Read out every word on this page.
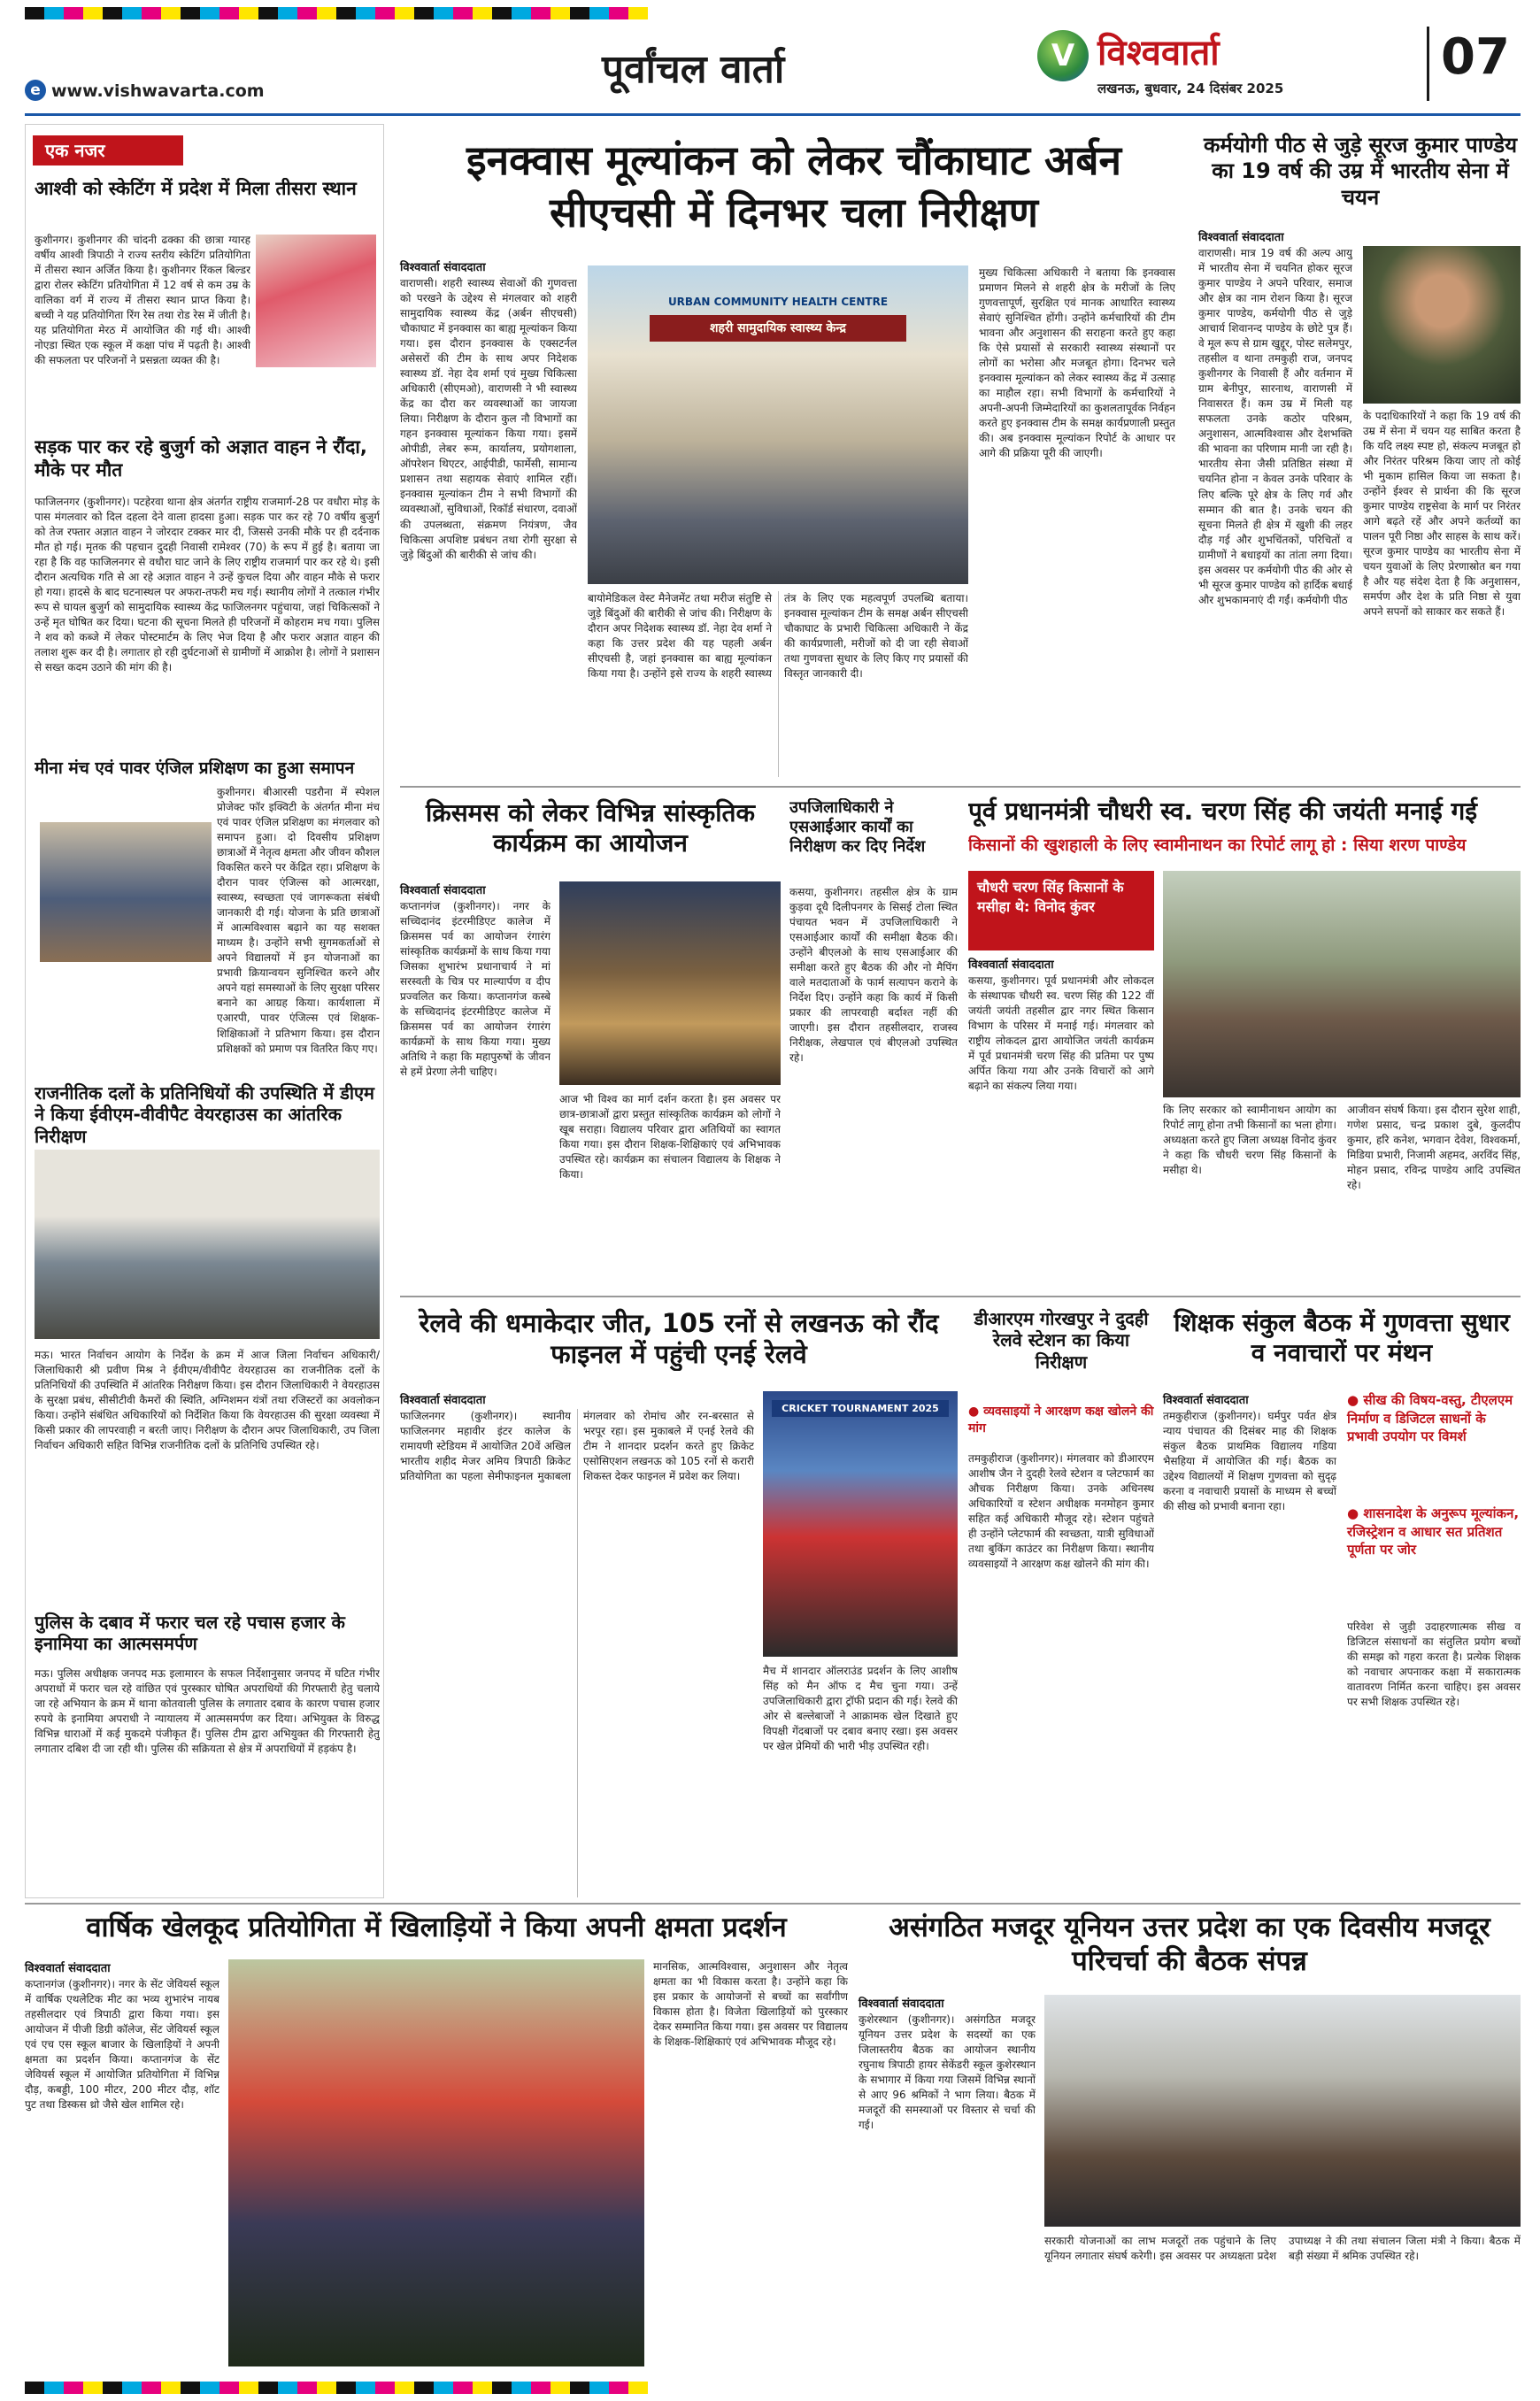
e www.vishwavarta.com	पूर्वांचल वार्ता	V विश्ववार्ता
लखनऊ, बुधवार, 24 दिसंबर 2025
07
एक नजर
आश्वी को स्केटिंग में प्रदेश में मिला तीसरा स्थान
कुशीनगर। कुशीनगर की चांदनी ढक्का की छात्रा ग्यारह वर्षीय आश्वी त्रिपाठी ने राज्य स्तरीय स्केटिंग प्रतियोगिता में तीसरा स्थान अर्जित किया है। कुशीनगर रिंकल बिल्डर द्वारा रोलर स्केटिंग प्रतियोगिता में 12 वर्ष से कम उम्र के वालिका वर्ग में राज्य में तीसरा स्थान प्राप्त किया है। बच्ची ने यह प्रतियोगिता रिंग रेस तथा रोड रेस में जीती है। यह प्रतियोगिता मेरठ में आयोजित की गई थी। आश्वी नोएडा स्थित एक स्कूल में कक्षा पांच में पढ़ती है। आश्वी की सफलता पर परिजनों ने प्रसन्नता व्यक्त की है।
सड़क पार कर रहे बुजुर्ग को अज्ञात वाहन ने रौंदा, मौके पर मौत
फाजिलनगर (कुशीनगर)। पटहेरवा थाना क्षेत्र अंतर्गत राष्ट्रीय राजमार्ग-28 पर वधौरा मोड़ के पास मंगलवार को दिल दहला देने वाला हादसा हुआ। सड़क पार कर रहे 70 वर्षीय बुजुर्ग को तेज रफ्तार अज्ञात वाहन ने जोरदार टक्कर मार दी, जिससे उनकी मौके पर ही दर्दनाक मौत हो गई। मृतक की पहचान दुदही निवासी रामेश्वर (70) के रूप में हुई है। बताया जा रहा है कि वह फाजिलनगर से वधौरा घाट जाने के लिए राष्ट्रीय राजमार्ग पार कर रहे थे। इसी दौरान अत्यधिक गति से आ रहे अज्ञात वाहन ने उन्हें कुचल दिया और वाहन मौके से फरार हो गया। हादसे के बाद घटनास्थल पर अफरा-तफरी मच गई। स्थानीय लोगों ने तत्काल गंभीर रूप से घायल बुजुर्ग को सामुदायिक स्वास्थ्य केंद्र फाजिलनगर पहुंचाया, जहां चिकित्सकों ने उन्हें मृत घोषित कर दिया। घटना की सूचना मिलते ही परिजनों में कोहराम मच गया। पुलिस ने शव को कब्जे में लेकर पोस्टमार्टम के लिए भेज दिया है और फरार अज्ञात वाहन की तलाश शुरू कर दी है। लगातार हो रही दुर्घटनाओं से ग्रामीणों में आक्रोश है। लोगों ने प्रशासन से सख्त कदम उठाने की मांग की है।
मीना मंच एवं पावर एंजिल प्रशिक्षण का हुआ समापन
कुशीनगर। बीआरसी पडरौना में स्पेशल प्रोजेक्ट फॉर इक्विटी के अंतर्गत मीना मंच एवं पावर एंजिल प्रशिक्षण का मंगलवार को समापन हुआ। दो दिवसीय प्रशिक्षण छात्राओं में नेतृत्व क्षमता और जीवन कौशल विकसित करने पर केंद्रित रहा। प्रशिक्षण के दौरान पावर एंजिल्स को आत्मरक्षा, स्वास्थ्य, स्वच्छता एवं जागरूकता संबंधी जानकारी दी गई। योजना के प्रति छात्राओं में आत्मविश्वास बढ़ाने का यह सशक्त माध्यम है। उन्होंने सभी सुगमकर्ताओं से अपने विद्यालयों में इन योजनाओं का प्रभावी क्रियान्वयन सुनिश्चित करने और अपने यहां समस्याओं के लिए सुरक्षा परिसर बनाने का आग्रह किया। कार्यशाला में एआरपी, पावर एंजिल्स एवं शिक्षक-शिक्षिकाओं ने प्रतिभाग किया। इस दौरान प्रशिक्षकों को प्रमाण पत्र वितरित किए गए।
राजनीतिक दलों के प्रतिनिधियों की उपस्थिति में डीएम ने किया ईवीएम-वीवीपैट वेयरहाउस का आंतरिक निरीक्षण
मऊ। भारत निर्वाचन आयोग के निर्देश के क्रम में आज जिला निर्वाचन अधिकारी/जिलाधिकारी श्री प्रवीण मिश्र ने ईवीएम/वीवीपैट वेयरहाउस का राजनीतिक दलों के प्रतिनिधियों की उपस्थिति में आंतरिक निरीक्षण किया। इस दौरान जिलाधिकारी ने वेयरहाउस के सुरक्षा प्रबंध, सीसीटीवी कैमरों की स्थिति, अग्निशमन यंत्रों तथा रजिस्टरों का अवलोकन किया। उन्होंने संबंधित अधिकारियों को निर्देशित किया कि वेयरहाउस की सुरक्षा व्यवस्था में किसी प्रकार की लापरवाही न बरती जाए। निरीक्षण के दौरान अपर जिलाधिकारी, उप जिला निर्वाचन अधिकारी सहित विभिन्न राजनीतिक दलों के प्रतिनिधि उपस्थित रहे।
पुलिस के दबाव में फरार चल रहे पचास हजार के इनामिया का आत्मसमर्पण
मऊ। पुलिस अधीक्षक जनपद मऊ इलामारन के सफल निर्देशानुसार जनपद में घटित गंभीर अपराधों में फरार चल रहे वांछित एवं पुरस्कार घोषित अपराधियों की गिरफ्तारी हेतु चलाये जा रहे अभियान के क्रम में थाना कोतवाली पुलिस के लगातार दबाव के कारण पचास हजार रुपये के इनामिया अपराधी ने न्यायालय में आत्मसमर्पण कर दिया। अभियुक्त के विरुद्ध विभिन्न धाराओं में कई मुकदमे पंजीकृत हैं। पुलिस टीम द्वारा अभियुक्त की गिरफ्तारी हेतु लगातार दबिश दी जा रही थी। पुलिस की सक्रियता से क्षेत्र में अपराधियों में हड़कंप है।
इनक्वास मूल्यांकन को लेकर चौंकाघाट अर्बन सीएचसी में दिनभर चला निरीक्षण
विश्ववार्ता संवाददाता
वाराणसी। शहरी स्वास्थ्य सेवाओं की गुणवत्ता को परखने के उद्देश्य से मंगलवार को शहरी सामुदायिक स्वास्थ्य केंद्र (अर्बन सीएचसी) चौकाघाट में इनक्वास का बाह्य मूल्यांकन किया गया। इस दौरान इनक्वास के एक्सटर्नल असेसरों की टीम के साथ अपर निदेशक स्वास्थ्य डॉ. नेहा देव शर्मा एवं मुख्य चिकित्सा अधिकारी (सीएमओ), वाराणसी ने भी स्वास्थ्य केंद्र का दौरा कर व्यवस्थाओं का जायजा लिया। निरीक्षण के दौरान कुल नौ विभागों का गहन इनक्वास मूल्यांकन किया गया। इसमें ओपीडी, लेबर रूम, कार्यालय, प्रयोगशाला, ऑपरेशन थिएटर, आईपीडी, फार्मेसी, सामान्य प्रशासन तथा सहायक सेवाएं शामिल रहीं। इनक्वास मूल्यांकन टीम ने सभी विभागों की व्यवस्थाओं, सुविधाओं, रिकॉर्ड संधारण, दवाओं की उपलब्धता, संक्रमण नियंत्रण, जैव चिकित्सा अपशिष्ट प्रबंधन तथा रोगी सुरक्षा से जुड़े बिंदुओं की बारीकी से जांच की।
URBAN COMMUNITY HEALTH CENTRE
शहरी सामुदायिक स्वास्थ्य केन्द्र
बायोमेडिकल वेस्ट मैनेजमेंट तथा मरीज संतुष्टि से जुड़े बिंदुओं की बारीकी से जांच की। निरीक्षण के दौरान अपर निदेशक स्वास्थ्य डॉ. नेहा देव शर्मा ने कहा कि उत्तर प्रदेश की यह पहली अर्बन सीएचसी है, जहां इनक्वास का बाह्य मूल्यांकन किया गया है। उन्होंने इसे राज्य के शहरी स्वास्थ्य तंत्र के लिए एक महत्वपूर्ण उपलब्धि बताया। इनक्वास मूल्यांकन टीम के समक्ष अर्बन सीएचसी चौकाघाट के प्रभारी चिकित्सा अधिकारी ने केंद्र की कार्यप्रणाली, मरीजों को दी जा रही सेवाओं तथा गुणवत्ता सुधार के लिए किए गए प्रयासों की विस्तृत जानकारी दी।
मुख्य चिकित्सा अधिकारी ने बताया कि इनक्वास प्रमाणन मिलने से शहरी क्षेत्र के मरीजों के लिए गुणवत्तापूर्ण, सुरक्षित एवं मानक आधारित स्वास्थ्य सेवाएं सुनिश्चित होंगी। उन्होंने कर्मचारियों की टीम भावना और अनुशासन की सराहना करते हुए कहा कि ऐसे प्रयासों से सरकारी स्वास्थ्य संस्थानों पर लोगों का भरोसा और मजबूत होगा। दिनभर चले इनक्वास मूल्यांकन को लेकर स्वास्थ्य केंद्र में उत्साह का माहौल रहा। सभी विभागों के कर्मचारियों ने अपनी-अपनी जिम्मेदारियों का कुशलतापूर्वक निर्वहन करते हुए इनक्वास टीम के समक्ष कार्यप्रणाली प्रस्तुत की। अब इनक्वास मूल्यांकन रिपोर्ट के आधार पर आगे की प्रक्रिया पूरी की जाएगी।
कर्मयोगी पीठ से जुड़े सूरज कुमार पाण्डेय का 19 वर्ष की उम्र में भारतीय सेना में चयन
विश्ववार्ता संवाददाता
वाराणसी। मात्र 19 वर्ष की अल्प आयु में भारतीय सेना में चयनित होकर सूरज कुमार पाण्डेय ने अपने परिवार, समाज और क्षेत्र का नाम रोशन किया है। सूरज कुमार पाण्डेय, कर्मयोगी पीठ से जुड़े आचार्य शिवानन्द पाण्डेय के छोटे पुत्र हैं। वे मूल रूप से ग्राम खुद्दूर, पोस्ट सलेमपुर, तहसील व थाना तमकुही राज, जनपद कुशीनगर के निवासी हैं और वर्तमान में ग्राम बेनीपुर, सारनाथ, वाराणसी में निवासरत हैं। कम उम्र में मिली यह सफलता उनके कठोर परिश्रम, अनुशासन, आत्मविश्वास और देशभक्ति की भावना का परिणाम मानी जा रही है। भारतीय सेना जैसी प्रतिष्ठित संस्था में चयनित होना न केवल उनके परिवार के लिए बल्कि पूरे क्षेत्र के लिए गर्व और सम्मान की बात है। उनके चयन की सूचना मिलते ही क्षेत्र में खुशी की लहर दौड़ गई और शुभचिंतकों, परिचितों व ग्रामीणों ने बधाइयों का तांता लगा दिया। इस अवसर पर कर्मयोगी पीठ की ओर से भी सूरज कुमार पाण्डेय को हार्दिक बधाई और शुभकामनाएं दी गईं। कर्मयोगी पीठ
के पदाधिकारियों ने कहा कि 19 वर्ष की उम्र में सेना में चयन यह साबित करता है कि यदि लक्ष्य स्पष्ट हो, संकल्प मजबूत हो और निरंतर परिश्रम किया जाए तो कोई भी मुकाम हासिल किया जा सकता है। उन्होंने ईश्वर से प्रार्थना की कि सूरज कुमार पाण्डेय राष्ट्रसेवा के मार्ग पर निरंतर आगे बढ़ते रहें और अपने कर्तव्यों का पालन पूरी निष्ठा और साहस के साथ करें। सूरज कुमार पाण्डेय का भारतीय सेना में चयन युवाओं के लिए प्रेरणास्रोत बन गया है और यह संदेश देता है कि अनुशासन, समर्पण और देश के प्रति निष्ठा से युवा अपने सपनों को साकार कर सकते हैं।
क्रिसमस को लेकर विभिन्न सांस्कृतिक कार्यक्रम का आयोजन
विश्ववार्ता संवाददाता
कप्तानगंज (कुशीनगर)। नगर के सच्चिदानंद इंटरमीडिएट कालेज में क्रिसमस पर्व का आयोजन रंगारंग सांस्कृतिक कार्यक्रमों के साथ किया गया जिसका शुभारंभ प्रधानाचार्य ने मां सरस्वती के चित्र पर माल्यार्पण व दीप प्रज्वलित कर किया। कप्तानगंज कस्बे के सच्चिदानंद इंटरमीडिएट कालेज में क्रिसमस पर्व का आयोजन रंगारंग कार्यक्रमों के साथ किया गया। मुख्य अतिथि ने कहा कि महापुरुषों के जीवन से हमें प्रेरणा लेनी चाहिए।
आज भी विश्व का मार्ग दर्शन करता है। इस अवसर पर छात्र-छात्राओं द्वारा प्रस्तुत सांस्कृतिक कार्यक्रम को लोगों ने खूब सराहा। विद्यालय परिवार द्वारा अतिथियों का स्वागत किया गया। इस दौरान शिक्षक-शिक्षिकाएं एवं अभिभावक उपस्थित रहे। कार्यक्रम का संचालन विद्यालय के शिक्षक ने किया।
उपजिलाधिकारी ने एसआईआर कार्यों का निरीक्षण कर दिए निर्देश
कसया, कुशीनगर। तहसील क्षेत्र के ग्राम कुड़वा दूधै दिलीपनगर के सिसई टोला स्थित पंचायत भवन में उपजिलाधिकारी ने एसआईआर कार्यों की समीक्षा बैठक की। उन्होंने बीएलओ के साथ एसआईआर की समीक्षा करते हुए बैठक की और नो मैपिंग वाले मतदाताओं के फार्म सत्यापन कराने के निर्देश दिए। उन्होंने कहा कि कार्य में किसी प्रकार की लापरवाही बर्दाश्त नहीं की जाएगी। इस दौरान तहसीलदार, राजस्व निरीक्षक, लेखपाल एवं बीएलओ उपस्थित रहे।
पूर्व प्रधानमंत्री चौधरी स्व. चरण सिंह की जयंती मनाई गई
किसानों की खुशहाली के लिए स्वामीनाथन का रिपोर्ट लागू हो : सिया शरण पाण्डेय
चौधरी चरण सिंह किसानों के मसीहा थे: विनोद कुंवर
विश्ववार्ता संवाददाता
कसया, कुशीनगर। पूर्व प्रधानमंत्री और लोकदल के संस्थापक चौधरी स्व. चरण सिंह की 122 वीं जयंती जयंती तहसील द्वार नगर स्थित किसान विभाग के परिसर में मनाई गई। मंगलवार को राष्ट्रीय लोकदल द्वारा आयोजित जयंती कार्यक्रम में पूर्व प्रधानमंत्री चरण सिंह की प्रतिमा पर पुष्प अर्पित किया गया और उनके विचारों को आगे बढ़ाने का संकल्प लिया गया।
कि लिए सरकार को स्वामीनाथन आयोग का रिपोर्ट लागू होना तभी किसानों का भला होगा। अध्यक्षता करते हुए जिला अध्यक्ष विनोद कुंवर ने कहा कि चौधरी चरण सिंह किसानों के मसीहा थे।
आजीवन संघर्ष किया। इस दौरान सुरेश शाही, गणेश प्रसाद, चन्द्र प्रकाश दुबे, कुलदीप कुमार, हरि कनेश, भगवान देवेश, विश्वकर्मा, मिडिया प्रभारी, निजामी अहमद, अरविंद सिंह, मोहन प्रसाद, रविन्द्र पाण्डेय आदि उपस्थित रहे।
रेलवे की धमाकेदार जीत, 105 रनों से लखनऊ को रौंद फाइनल में पहुंची एनई रेलवे
विश्ववार्ता संवाददाता
फाजिलनगर (कुशीनगर)। स्थानीय फाजिलनगर महावीर इंटर कालेज के रामायणी स्टेडियम में आयोजित 20वें अखिल भारतीय शहीद मेजर अमिय त्रिपाठी क्रिकेट प्रतियोगिता का पहला सेमीफाइनल मुकाबला मंगलवार को रोमांच और रन-बरसात से भरपूर रहा। इस मुकाबले में एनई रेलवे की टीम ने शानदार प्रदर्शन करते हुए क्रिकेट एसोसिएशन लखनऊ को 105 रनों से करारी शिकस्त देकर फाइनल में प्रवेश कर लिया।
CRICKET TOURNAMENT 2025
मैच में शानदार ऑलराउंड प्रदर्शन के लिए आशीष सिंह को मैन ऑफ द मैच चुना गया। उन्हें उपजिलाधिकारी द्वारा ट्रॉफी प्रदान की गई। रेलवे की ओर से बल्लेबाजों ने आक्रामक खेल दिखाते हुए विपक्षी गेंदबाजों पर दबाव बनाए रखा। इस अवसर पर खेल प्रेमियों की भारी भीड़ उपस्थित रही।
डीआरएम गोरखपुर ने दुदही रेलवे स्टेशन का किया निरीक्षण
● व्यवसाइयों ने आरक्षण कक्ष खोलने की मांग
तमकुहीराज (कुशीनगर)। मंगलवार को डीआरएम आशीष जैन ने दुदही रेलवे स्टेशन व प्लेटफार्म का औचक निरीक्षण किया। उनके अधिनस्थ अधिकारियों व स्टेशन अधीक्षक मनमोहन कुमार सहित कई अधिकारी मौजूद रहे। स्टेशन पहुंचते ही उन्होंने प्लेटफार्म की स्वच्छता, यात्री सुविधाओं तथा बुकिंग काउंटर का निरीक्षण किया। स्थानीय व्यवसाइयों ने आरक्षण कक्ष खोलने की मांग की।
शिक्षक संकुल बैठक में गुणवत्ता सुधार व नवाचारों पर मंथन
विश्ववार्ता संवाददाता
तमकुहीराज (कुशीनगर)। घर्मपुर पर्वत क्षेत्र न्याय पंचायत की दिसंबर माह की शिक्षक संकुल बैठक प्राथमिक विद्यालय गडिया भैसहिया में आयोजित की गई। बैठक का उद्देश्य विद्यालयों में शिक्षण गुणवत्ता को सुदृढ़ करना व नवाचारी प्रयासों के माध्यम से बच्चों की सीख को प्रभावी बनाना रहा।
● सीख की विषय-वस्तु, टीएलएम निर्माण व डिजिटल साधनों के प्रभावी उपयोग पर विमर्श
● शासनादेश के अनुरूप मूल्यांकन, रजिस्ट्रेशन व आधार सत प्रतिशत पूर्णता पर जोर
परिवेश से जुड़ी उदाहरणात्मक सीख व डिजिटल संसाधनों का संतुलित प्रयोग बच्चों की समझ को गहरा करता है। प्रत्येक शिक्षक को नवाचार अपनाकर कक्षा में सकारात्मक वातावरण निर्मित करना चाहिए। इस अवसर पर सभी शिक्षक उपस्थित रहे।
वार्षिक खेलकूद प्रतियोगिता में खिलाड़ियों ने किया अपनी क्षमता प्रदर्शन
विश्ववार्ता संवाददाता
कप्तानगंज (कुशीनगर)। नगर के सेंट जेवियर्स स्कूल में वार्षिक एथलेटिक मीट का भव्य शुभारंभ नायब तहसीलदार एवं त्रिपाठी द्वारा किया गया। इस आयोजन में पीजी डिग्री कॉलेज, सेंट जेवियर्स स्कूल एवं एच एस स्कूल बाजार के खिलाड़ियों ने अपनी क्षमता का प्रदर्शन किया। कप्तानगंज के सेंट जेवियर्स स्कूल में आयोजित प्रतियोगिता में विभिन्न दौड़, कबड्डी, 100 मीटर, 200 मीटर दौड़, शॉट पुट तथा डिस्कस थ्रो जैसे खेल शामिल रहे।
मानसिक, आत्मविश्वास, अनुशासन और नेतृत्व क्षमता का भी विकास करता है। उन्होंने कहा कि इस प्रकार के आयोजनों से बच्चों का सर्वांगीण विकास होता है। विजेता खिलाड़ियों को पुरस्कार देकर सम्मानित किया गया। इस अवसर पर विद्यालय के शिक्षक-शिक्षिकाएं एवं अभिभावक मौजूद रहे।
असंगठित मजदूर यूनियन उत्तर प्रदेश का एक दिवसीय मजदूर परिचर्चा की बैठक संपन्न
विश्ववार्ता संवाददाता
कुशेरस्थान (कुशीनगर)। असंगठित मजदूर यूनियन उत्तर प्रदेश के सदस्यों का एक जिलास्तरीय बैठक का आयोजन स्थानीय रघुनाथ त्रिपाठी हायर सेकेंडरी स्कूल कुशेरस्थान के सभागार में किया गया जिसमें विभिन्न स्थानों से आए 96 श्रमिकों ने भाग लिया। बैठक में मजदूरों की समस्याओं पर विस्तार से चर्चा की गई।
सरकारी योजनाओं का लाभ मजदूरों तक पहुंचाने के लिए यूनियन लगातार संघर्ष करेगी। इस अवसर पर अध्यक्षता प्रदेश उपाध्यक्ष ने की तथा संचालन जिला मंत्री ने किया। बैठक में बड़ी संख्या में श्रमिक उपस्थित रहे।
